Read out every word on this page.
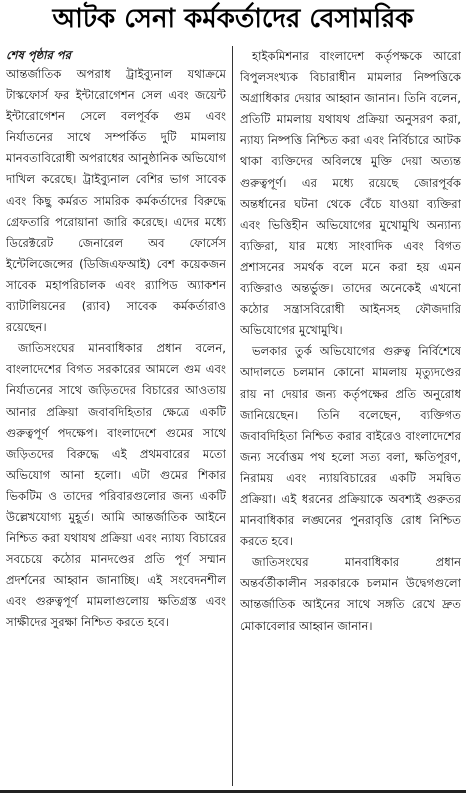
আটক সেনা কর্মকর্তাদের বেসামরিক
শেষ পৃষ্ঠার পর

আন্তর্জাতিক অপরাধ ট্রাইব্যুনাল যথাক্রমে টাস্কফোর্স ফর ইন্টারোগেশন সেল এবং জয়েন্ট ইন্টারোগেশন সেলে বলপূর্বক গুম এবং নির্যাতনের সাথে সম্পর্কিত দুটি মামলায় মানবতাবিরোধী অপরাধের আনুষ্ঠানিক অভিযোগ দাখিল করেছে। ট্রাইব্যুনাল বেশির ভাগ সাবেক এবং কিছু কর্মরত সামরিক কর্মকর্তাদের বিরুদ্ধে গ্রেফতারি পরোয়ানা জারি করেছে। এদের মধ্যে ডিরেক্টরেট জেনারেল অব ফোর্সেস ইন্টেলিজেন্সের (ডিজিএফআই) বেশ কয়েকজন সাবেক মহাপরিচালক এবং র‍্যাপিড অ্যাকশন ব্যাটালিয়নের (র‍্যাব) সাবেক কর্মকর্তারাও রয়েছেন।

জাতিসংঘের মানবাধিকার প্রধান বলেন, বাংলাদেশের বিগত সরকারের আমলে গুম এবং নির্যাতনের সাথে জড়িতদের বিচারের আওতায় আনার প্রক্রিয়া জবাবদিহিতার ক্ষেত্রে একটি গুরুত্বপূর্ণ পদক্ষেপ। বাংলাদেশে গুমের সাথে জড়িতদের বিরুদ্ধে এই প্রথমবারের মতো অভিযোগ আনা হলো। এটা গুমের শিকার ভিকটিম ও তাদের পরিবারগুলোর জন্য একটি উল্লেখযোগ্য মুহূর্ত। আমি আন্তর্জাতিক আইনে নিশ্চিত করা যথাযথ প্রক্রিয়া এবং ন্যায্য বিচারের সবচেয়ে কঠোর মানদণ্ডের প্রতি পূর্ণ সম্মান প্রদর্শনের আহ্বান জানাচ্ছি। এই সংবেদনশীল এবং গুরুত্বপূর্ণ মামলাগুলোয় ক্ষতিগ্রস্ত এবং সাক্ষীদের সুরক্ষা নিশ্চিত করতে হবে।

হাইকমিশনার বাংলাদেশ কর্তৃপক্ষকে আরো বিপুলসংখ্যক বিচারাধীন মামলার নিষ্পত্তিকে অগ্রাধিকার দেয়ার আহ্বান জানান। তিনি বলেন, প্রতিটি মামলায় যথাযথ প্রক্রিয়া অনুসরণ করা, ন্যায্য নিষ্পত্তি নিশ্চিত করা এবং নির্বিচারে আটক থাকা ব্যক্তিদের অবিলম্বে মুক্তি দেয়া অত্যন্ত গুরুত্বপূর্ণ। এর মধ্যে রয়েছে জোরপূর্বক অন্তর্ধানের ঘটনা থেকে বেঁচে যাওয়া ব্যক্তিরা এবং ভিত্তিহীন অভিযোগের মুখোমুখি অন্যান্য ব্যক্তিরা, যার মধ্যে সাংবাদিক এবং বিগত প্রশাসনের সমর্থক বলে মনে করা হয় এমন ব্যক্তিরাও অন্তর্ভুক্ত। তাদের অনেকেই এখনো কঠোর সন্ত্রাসবিরোধী আইনসহ ফৌজদারি অভিযোগের মুখোমুখি।

ভলকার তুর্ক অভিযোগের গুরুত্ব নির্বিশেষে আদালতে চলমান কোনো মামলায় মৃত্যুদণ্ডের রায় না দেয়ার জন্য কর্তৃপক্ষের প্রতি অনুরোধ জানিয়েছেন। তিনি বলেছেন, ব্যক্তিগত জবাবদিহিতা নিশ্চিত করার বাইরেও বাংলাদেশের জন্য সর্বোত্তম পথ হলো সত্য বলা, ক্ষতিপূরণ, নিরাময় এবং ন্যায়বিচারের একটি সমন্বিত প্রক্রিয়া। এই ধরনের প্রক্রিয়াকে অবশ্যই গুরুতর মানবাধিকার লঙ্ঘনের পুনরাবৃত্তি রোধ নিশ্চিত করতে হবে।

জাতিসংঘের মানবাধিকার প্রধান অন্তর্বর্তীকালীন সরকারকে চলমান উদ্বেগগুলো আন্তর্জাতিক আইনের সাথে সঙ্গতি রেখে দ্রুত মোকাবেলার আহ্বান জানান।
